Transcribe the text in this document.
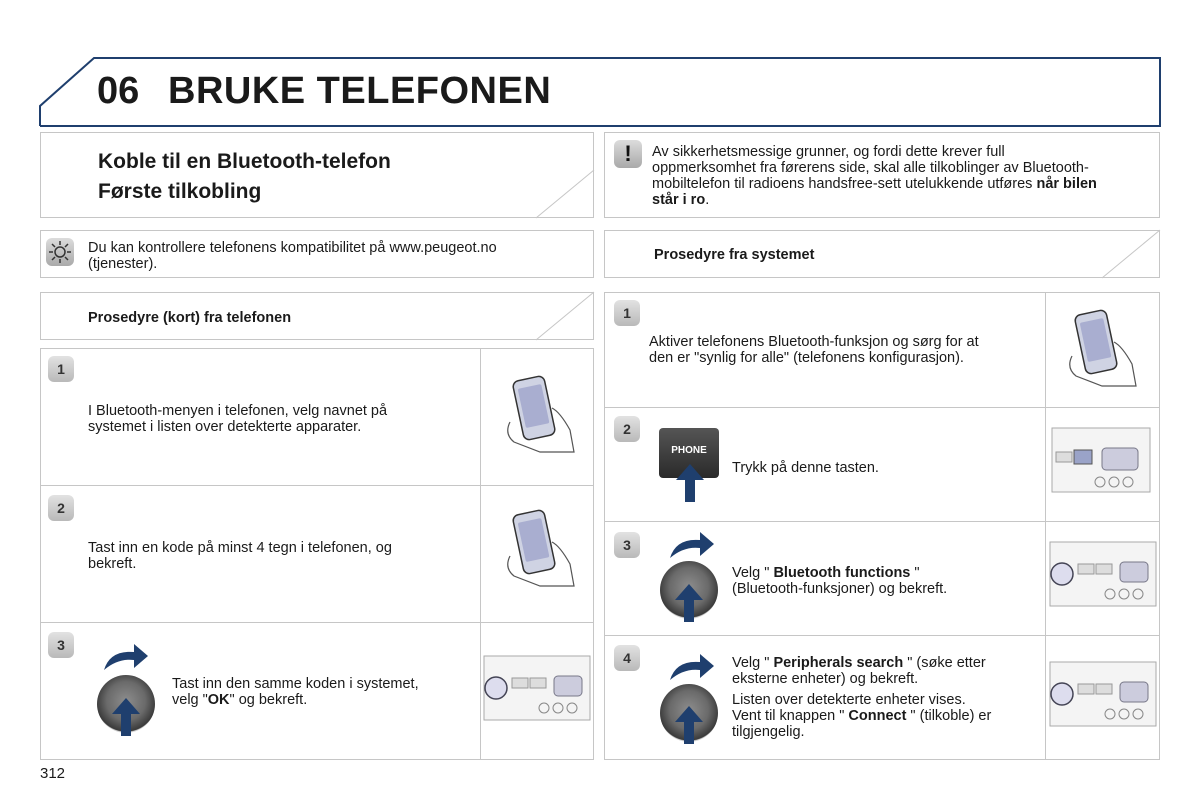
06 BRUKE TELEFONEN
Koble til en Bluetooth-telefon
Første tilkobling
!	Av sikkerhetsmessige grunner, og fordi dette krever full
oppmerksomhet fra førerens side, skal alle tilkoblinger av Bluetooth-
mobiltelefon til radioens handsfree-sett utelukkende utføres når bilen
står i ro.
Du kan kontrollere telefonens kompatibilitet på www.peugeot.no
(tjenester).
Prosedyre (kort) fra telefonen
1
I Bluetooth-menyen i telefonen, velg navnet på
systemet i listen over detekterte apparater.
2
Tast inn en kode på minst 4 tegn i telefonen, og
bekreft.
3
Tast inn den samme koden i systemet,
velg "OK" og bekreft.
Prosedyre fra systemet
1
Aktiver telefonens Bluetooth-funksjon og sørg for at
den er "synlig for alle" (telefonens konfigurasjon).
2
PHONE
Trykk på denne tasten.
3
Velg " Bluetooth functions "
(Bluetooth-funksjoner) og bekreft.
4	Velg " Peripherals search " (søke etter
eksterne enheter) og bekreft.
Listen over detekterte enheter vises.
Vent til knappen " Connect " (tilkoble) er
tilgjengelig.
312
